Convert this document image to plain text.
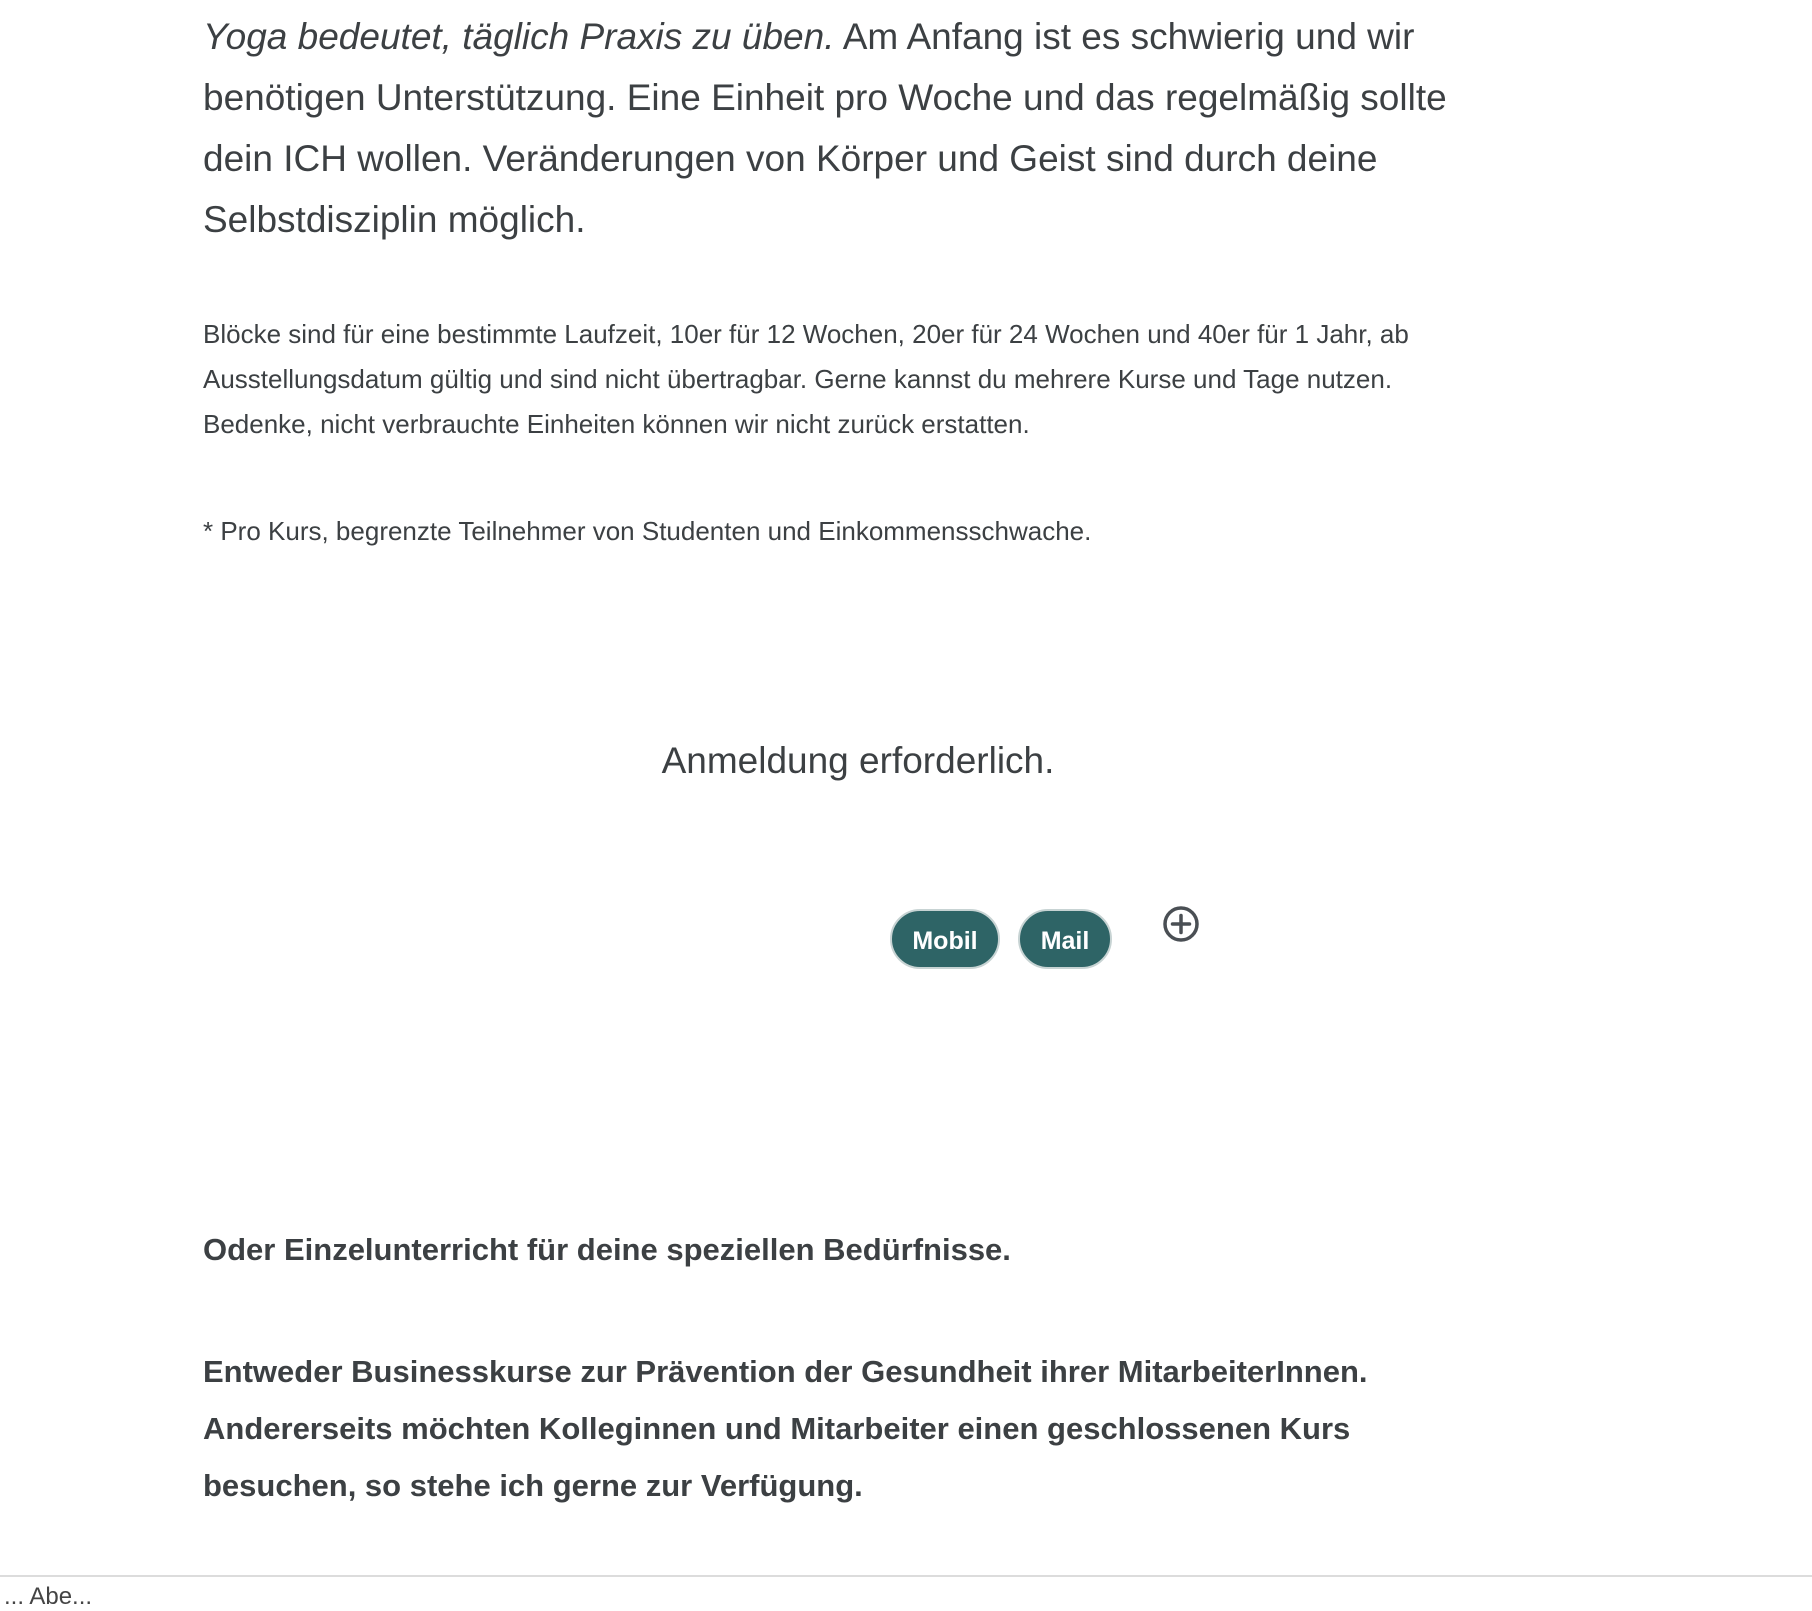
Yoga bedeutet, täglich Praxis zu üben. Am Anfang ist es schwierig und wir benötigen Unterstützung. Eine Einheit pro Woche und das regelmäßig sollte dein ICH wollen. Veränderungen von Körper und Geist sind durch deine Selbstdisziplin möglich.

Blöcke sind für eine bestimmte Laufzeit, 10er für 12 Wochen, 20er für 24 Wochen und 40er für 1 Jahr, ab Ausstellungsdatum gültig und sind nicht übertragbar. Gerne kannst du mehrere Kurse und Tage nutzen. Bedenke, nicht verbrauchte Einheiten können wir nicht zurück erstatten.

* Pro Kurs, begrenzte Teilnehmer von Studenten und Einkommensschwache.

Anmeldung erforderlich.

Mobil	Mail

Oder Einzelunterricht für deine speziellen Bedürfnisse.

Entweder Businesskurse zur Prävention der Gesundheit ihrer MitarbeiterInnen. Andererseits möchten Kolleginnen und Mitarbeiter einen geschlossenen Kurs besuchen, so stehe ich gerne zur Verfügung.

... Abe...
